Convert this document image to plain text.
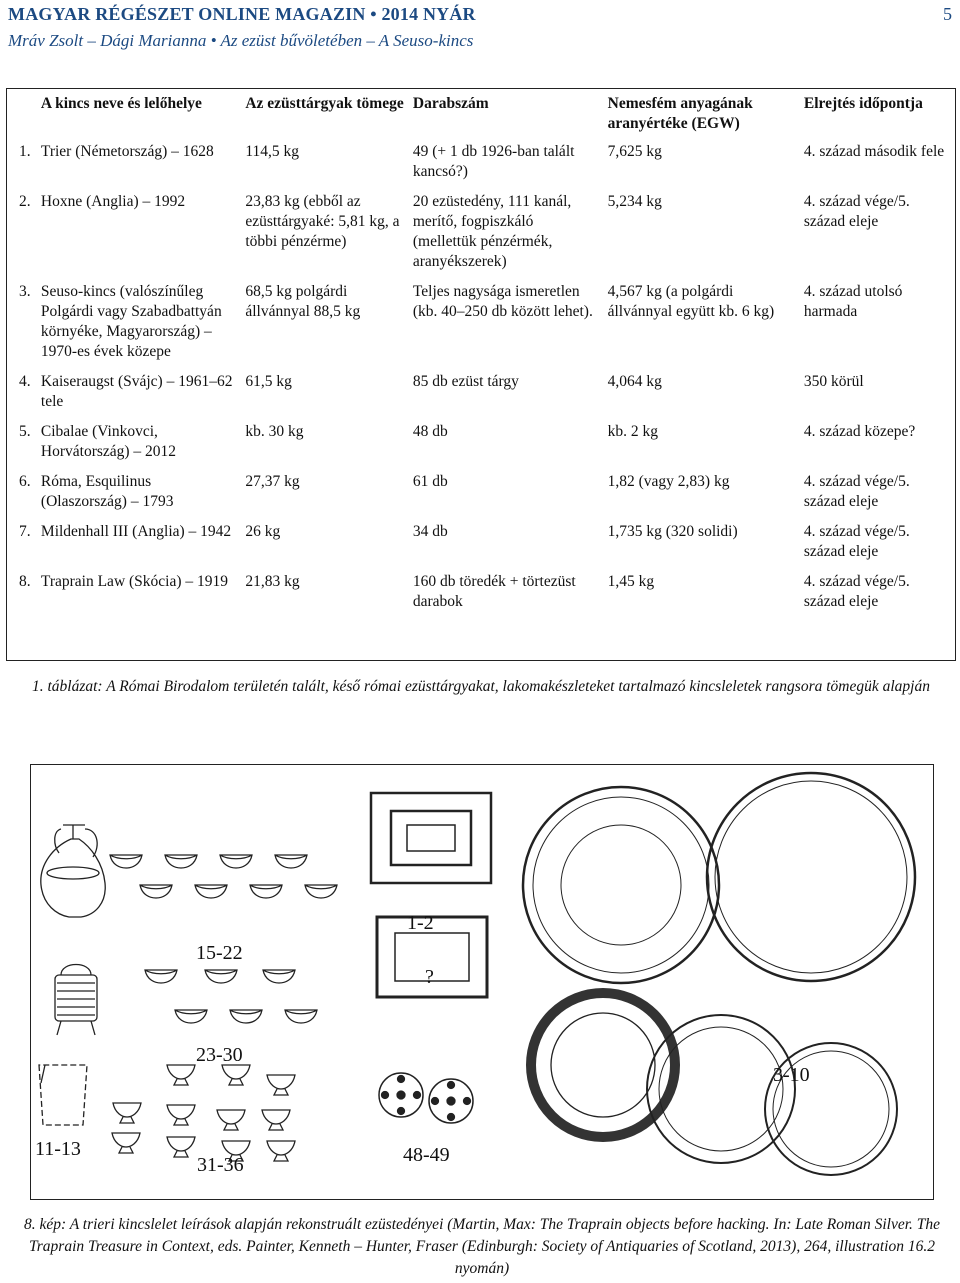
MAGYAR RÉGÉSZET ONLINE MAGAZIN • 2014 NYÁR	5
Mráv Zsolt – Dági Marianna • Az ezüst bűvöletében – A Seuso-kincs
	A kincs neve és lelőhelye	Az ezüsttárgyak tömege	Darabszám	Nemesfém anyagának aranyértéke (EGW)	Elrejtés időpontja
1.	Trier (Németország) – 1628	114,5 kg	49 (+ 1 db 1926-ban talált kancsó?)	7,625 kg	4. század második fele
2.	Hoxne (Anglia) – 1992	23,83 kg (ebből az ezüsttárgyaké: 5,81 kg, a többi pénzérme)	20 ezüstedény, 111 kanál, merítő, fogpiszkáló (mellettük pénzérmék, aranyékszerek)	5,234 kg	4. század vége/5. század eleje
3.	Seuso-kincs (valószínűleg Polgárdi vagy Szabadbattyán környéke, Magyarország) – 1970-es évek közepe	68,5 kg polgárdi állvánnyal 88,5 kg	Teljes nagysága ismeretlen (kb. 40–250 db között lehet).	4,567 kg (a polgárdi állvánnyal együtt kb. 6 kg)	4. század utolsó harmada
4.	Kaiseraugst (Svájc) – 1961–62 tele	61,5 kg	85 db ezüst tárgy	4,064 kg	350 körül
5.	Cibalae (Vinkovci, Horvátország) – 2012	kb. 30 kg	48 db	kb. 2 kg	4. század közepe?
6.	Róma, Esquilinus (Olaszország) – 1793	27,37 kg	61 db	1,82 (vagy 2,83) kg	4. század vége/5. század eleje
7.	Mildenhall III (Anglia) – 1942	26 kg	34 db	1,735 kg (320 solidi)	4. század vége/5. század eleje
8.	Traprain Law (Skócia) – 1919	21,83 kg	160 db töredék + törtezüst darabok	1,45 kg	4. század vége/5. század eleje
1. táblázat: A Római Birodalom területén talált, késő római ezüsttárgyakat, lakomakészleteket tartalmazó kincsleletek rangsora tömegük alapján
15-22
23-30
11-13
31-36
1-2
?
48-49
3-10
8. kép: A trieri kincslelet leírások alapján rekonstruált ezüstedényei (Martin, Max: The Traprain objects before hacking. In: Late Roman Silver. The Traprain Treasure in Context, eds. Painter, Kenneth – Hunter, Fraser (Edinburgh: Society of Antiquaries of Scotland, 2013), 264, illustration 16.2 nyomán)
